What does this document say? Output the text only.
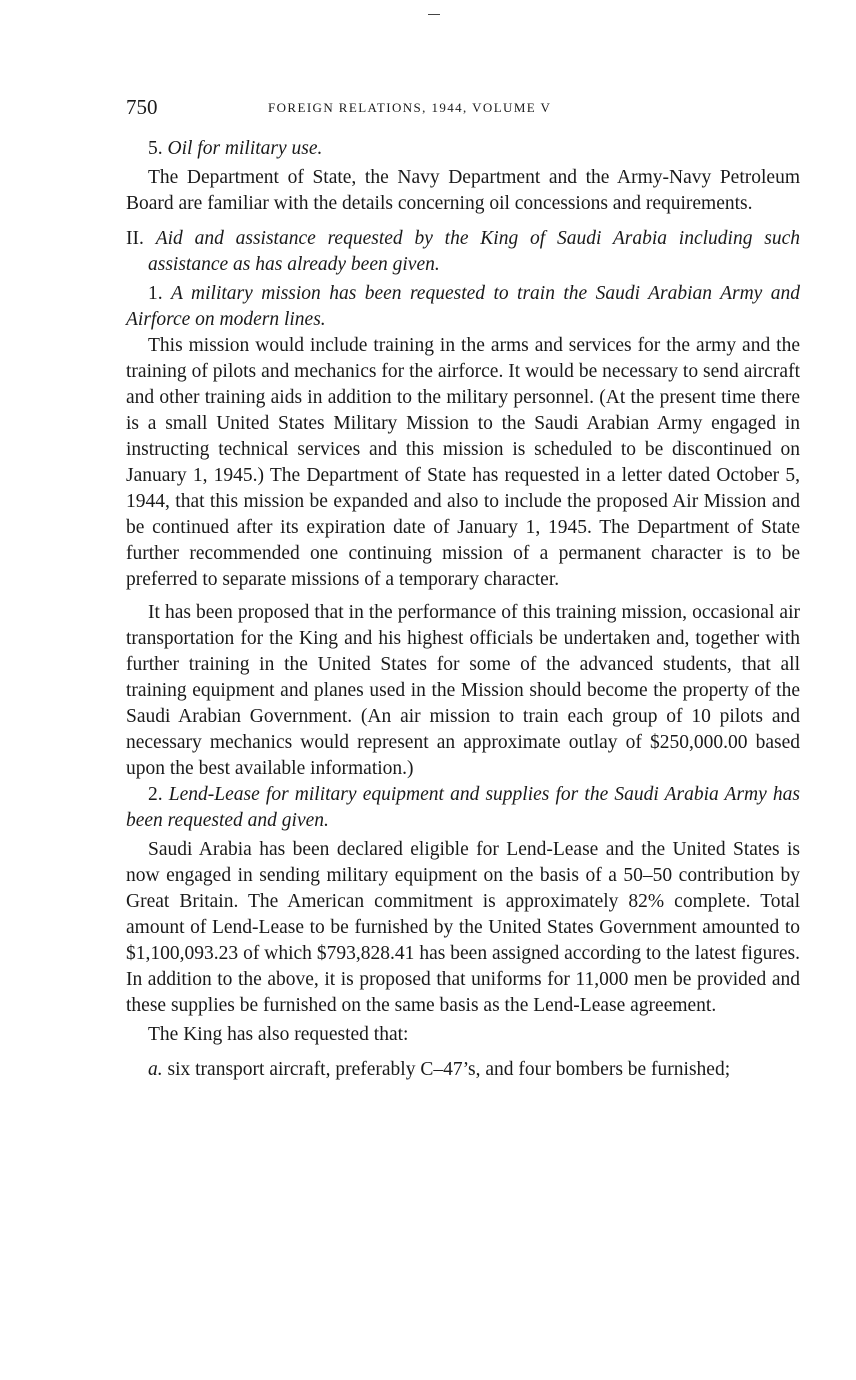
750	FOREIGN RELATIONS, 1944, VOLUME V

5. Oil for military use.

The Department of State, the Navy Department and the Army-Navy Petroleum Board are familiar with the details concerning oil concessions and requirements.

II. Aid and assistance requested by the King of Saudi Arabia including such assistance as has already been given.

1. A military mission has been requested to train the Saudi Arabian Army and Airforce on modern lines.

This mission would include training in the arms and services for the army and the training of pilots and mechanics for the airforce. It would be necessary to send aircraft and other training aids in addition to the military personnel. (At the present time there is a small United States Military Mission to the Saudi Arabian Army engaged in instructing technical services and this mission is scheduled to be discontinued on January 1, 1945.) The Department of State has requested in a letter dated October 5, 1944, that this mission be expanded and also to include the proposed Air Mission and be continued after its expiration date of January 1, 1945. The Department of State further recommended one continuing mission of a permanent character is to be preferred to separate missions of a temporary character.

It has been proposed that in the performance of this training mission, occasional air transportation for the King and his highest officials be undertaken and, together with further training in the United States for some of the advanced students, that all training equipment and planes used in the Mission should become the property of the Saudi Arabian Government. (An air mission to train each group of 10 pilots and necessary mechanics would represent an approximate outlay of $250,000.00 based upon the best available information.)

2. Lend-Lease for military equipment and supplies for the Saudi Arabia Army has been requested and given.

Saudi Arabia has been declared eligible for Lend-Lease and the United States is now engaged in sending military equipment on the basis of a 50–50 contribution by Great Britain. The American commitment is approximately 82% complete. Total amount of Lend-Lease to be furnished by the United States Government amounted to $1,100,093.23 of which $793,828.41 has been assigned according to the latest figures. In addition to the above, it is proposed that uniforms for 11,000 men be provided and these supplies be furnished on the same basis as the Lend-Lease agreement.

The King has also requested that:

a. six transport aircraft, preferably C–47’s, and four bombers be furnished;
